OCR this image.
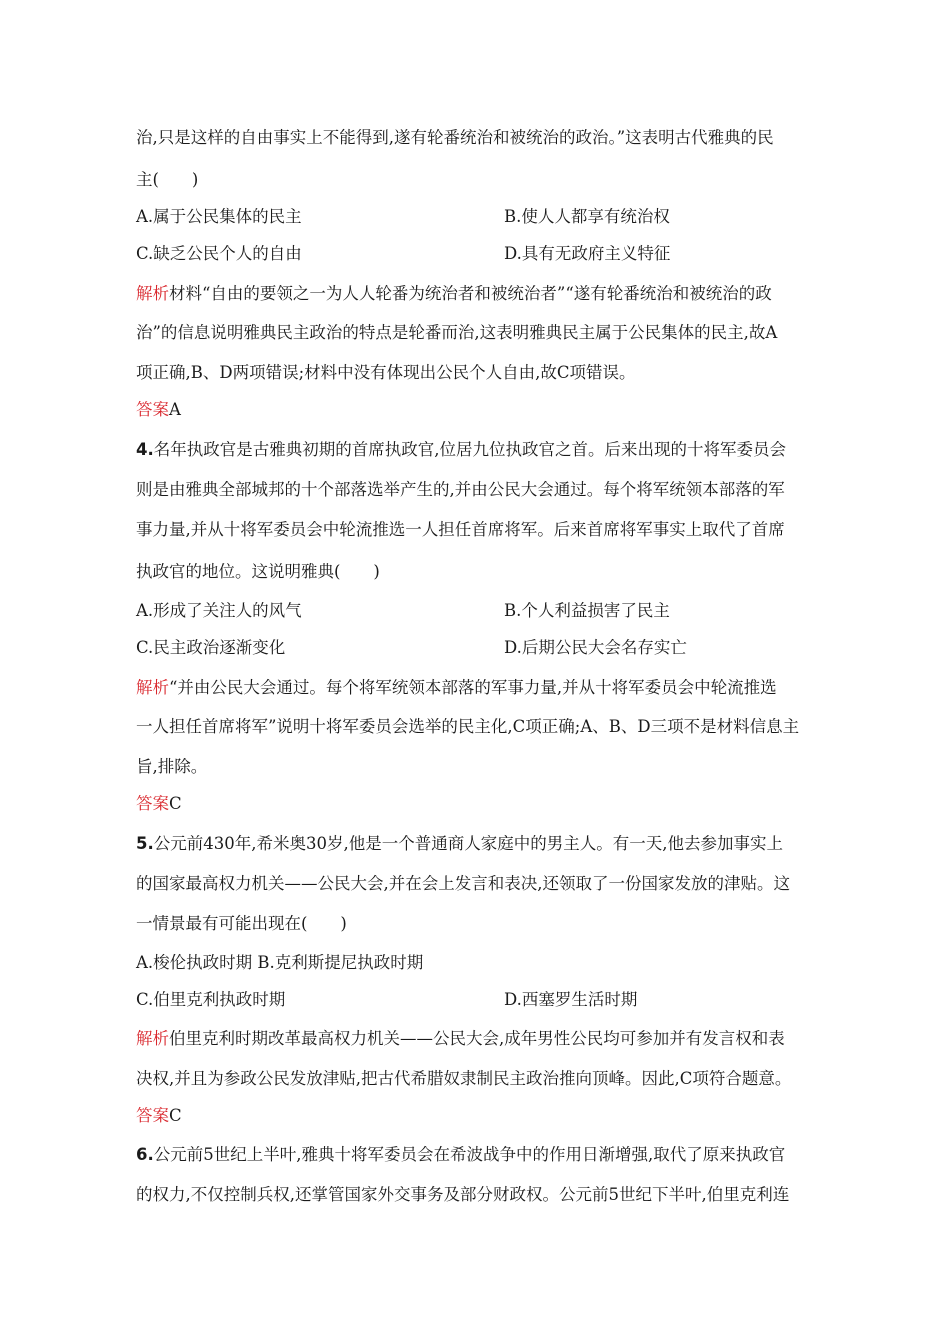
治,只是这样的自由事实上不能得到,遂有轮番统治和被统治的政治。”这表明古代雅典的民
主(　　)
A.属于公民集体的民主	B.使人人都享有统治权
C.缺乏公民个人的自由	D.具有无政府主义特征
解析材料“自由的要领之一为人人轮番为统治者和被统治者”“遂有轮番统治和被统治的政
治”的信息说明雅典民主政治的特点是轮番而治,这表明雅典民主属于公民集体的民主,故A
项正确,B、D两项错误;材料中没有体现出公民个人自由,故C项错误。
答案A
4.名年执政官是古雅典初期的首席执政官,位居九位执政官之首。后来出现的十将军委员会
则是由雅典全部城邦的十个部落选举产生的,并由公民大会通过。每个将军统领本部落的军
事力量,并从十将军委员会中轮流推选一人担任首席将军。后来首席将军事实上取代了首席
执政官的地位。这说明雅典(　　)
A.形成了关注人的风气	B.个人利益损害了民主
C.民主政治逐渐变化	D.后期公民大会名存实亡
解析“并由公民大会通过。每个将军统领本部落的军事力量,并从十将军委员会中轮流推选
一人担任首席将军”说明十将军委员会选举的民主化,C项正确;A、B、D三项不是材料信息主
旨,排除。
答案C
5.公元前430年,希米奥30岁,他是一个普通商人家庭中的男主人。有一天,他去参加事实上
的国家最高权力机关——公民大会,并在会上发言和表决,还领取了一份国家发放的津贴。这
一情景最有可能出现在(　　)
A.梭伦执政时期 B.克利斯提尼执政时期
C.伯里克利执政时期	D.西塞罗生活时期
解析伯里克利时期改革最高权力机关——公民大会,成年男性公民均可参加并有发言权和表
决权,并且为参政公民发放津贴,把古代希腊奴隶制民主政治推向顶峰。因此,C项符合题意。
答案C
6.公元前5世纪上半叶,雅典十将军委员会在希波战争中的作用日渐增强,取代了原来执政官
的权力,不仅控制兵权,还掌管国家外交事务及部分财政权。公元前5世纪下半叶,伯里克利连
